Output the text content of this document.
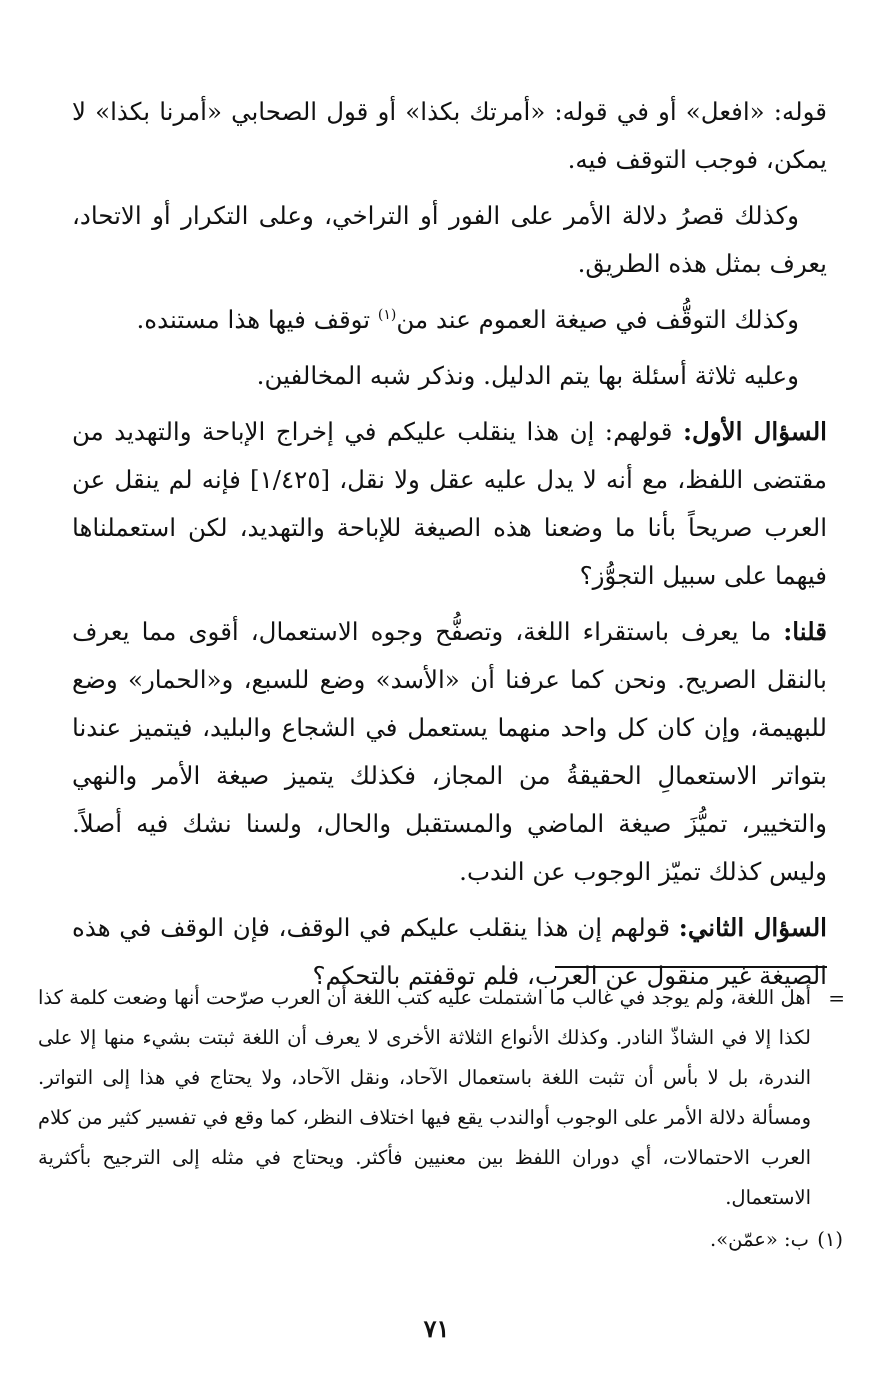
قوله: «افعل» أو في قوله: «أمرتك بكذا» أو قول الصحابي «أمرنا بكذا» لا يمكن، فوجب التوقف فيه.

وكذلك قصرُ دلالة الأمر على الفور أو التراخي، وعلى التكرار أو الاتحاد، يعرف بمثل هذه الطريق.

وكذلك التوقُّف في صيغة العموم عند من$^{(١)}$ توقف فيها هذا مستنده.

وعليه ثلاثة أسئلة بها يتم الدليل. ونذكر شبه المخالفين.

السؤال الأول: قولهم: إن هذا ينقلب عليكم في إخراج الإباحة والتهديد من مقتضى اللفظ، مع أنه لا يدل عليه عقل ولا نقل، [١/٤٢٥] فإنه لم ينقل عن العرب صريحاً بأنا ما وضعنا هذه الصيغة للإباحة والتهديد، لكن استعملناها فيهما على سبيل التجوُّز؟

قلنا: ما يعرف باستقراء اللغة، وتصفُّح وجوه الاستعمال، أقوى مما يعرف بالنقل الصريح. ونحن كما عرفنا أن «الأسد» وضع للسبع، و«الحمار» وضع للبهيمة، وإن كان كل واحد منهما يستعمل في الشجاع والبليد، فيتميز عندنا بتواتر الاستعمالِ الحقيقةُ من المجاز، فكذلك يتميز صيغة الأمر والنهي والتخيير، تميُّزَ صيغة الماضي والمستقبل والحال، ولسنا نشك فيه أصلاً. وليس كذلك تميّز الوجوب عن الندب.

السؤال الثاني: قولهم إن هذا ينقلب عليكم في الوقف، فإن الوقف في هذه الصيغة غير منقول عن العرب، فلم توقفتم بالتحكم؟

=
أهل اللغة، ولم يوجد في غالب ما اشتملت عليه كتب اللغة أن العرب صرّحت أنها وضعت كلمة كذا لكذا إلا في الشاذّ النادر. وكذلك الأنواع الثلاثة الأخرى لا يعرف أن اللغة ثبتت بشيء منها إلا على الندرة، بل لا بأس أن تثبت اللغة باستعمال الآحاد، ونقل الآحاد، ولا يحتاج في هذا إلى التواتر. ومسألة دلالة الأمر على الوجوب أوالندب يقع فيها اختلاف النظر، كما وقع في تفسير كثير من كلام العرب الاحتمالات، أي دوران اللفظ بين معنيين فأكثر. ويحتاج في مثله إلى الترجيح بأكثرية الاستعمال.
(١)
ب: «عمّن».
٧١
